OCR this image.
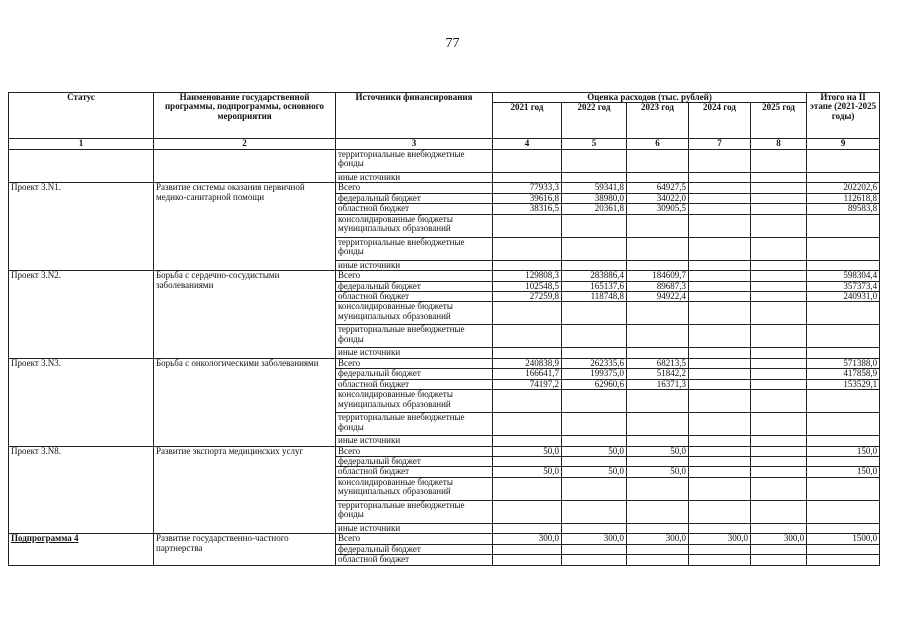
77
Статус	Наименование государственной программы, подпрограммы, основного мероприятия	Источники финансирования	Оценка расходов (тыс. рублей)					Итого на II этапе (2021-2025 годы)
			2021 год	2022 год	2023 год	2024 год	2025 год	
1	2	3	4	5	6	7	8	9
		территориальные внебюджетные фонды						
		иные источники						
Проект 3.N1.	Развитие системы оказания первичной медико-санитарной помощи	Всего	77933,3	59341,8	64927,5			202202,6
		федеральный бюджет	39616,8	38980,0	34022,0			112618,8
		областной бюджет	38316,5	20361,8	30905,5			89583,8
		консолидированные бюджеты муниципальных образований						
		территориальные внебюджетные фонды						
		иные источники						
Проект 3.N2.	Борьба с сердечно-сосудистыми заболеваниями	Всего	129808,3	283886,4	184609,7			598304,4
		федеральный бюджет	102548,5	165137,6	89687,3			357373,4
		областной бюджет	27259,8	118748,8	94922,4			240931,0
		консолидированные бюджеты муниципальных образований						
		территориальные внебюджетные фонды						
		иные источники						
Проект 3.N3.	Борьба с онкологическими заболеваниями	Всего	240838,9	262335,6	68213,5			571388,0
		федеральный бюджет	166641,7	199375,0	51842,2			417858,9
		областной бюджет	74197,2	62960,6	16371,3			153529,1
		консолидированные бюджеты муниципальных образований						
		территориальные внебюджетные фонды						
		иные источники						
Проект 3.N8.	Развитие экспорта медицинских услуг	Всего	50,0	50,0	50,0			150,0
		федеральный бюджет						
		областной бюджет	50,0	50,0	50,0			150,0
		консолидированные бюджеты муниципальных образований						
		территориальные внебюджетные фонды						
		иные источники						
Подпрограмма 4	Развитие государственно-частного партнерства	Всего	300,0	300,0	300,0	300,0	300,0	1500,0
		федеральный бюджет						
		областной бюджет						
